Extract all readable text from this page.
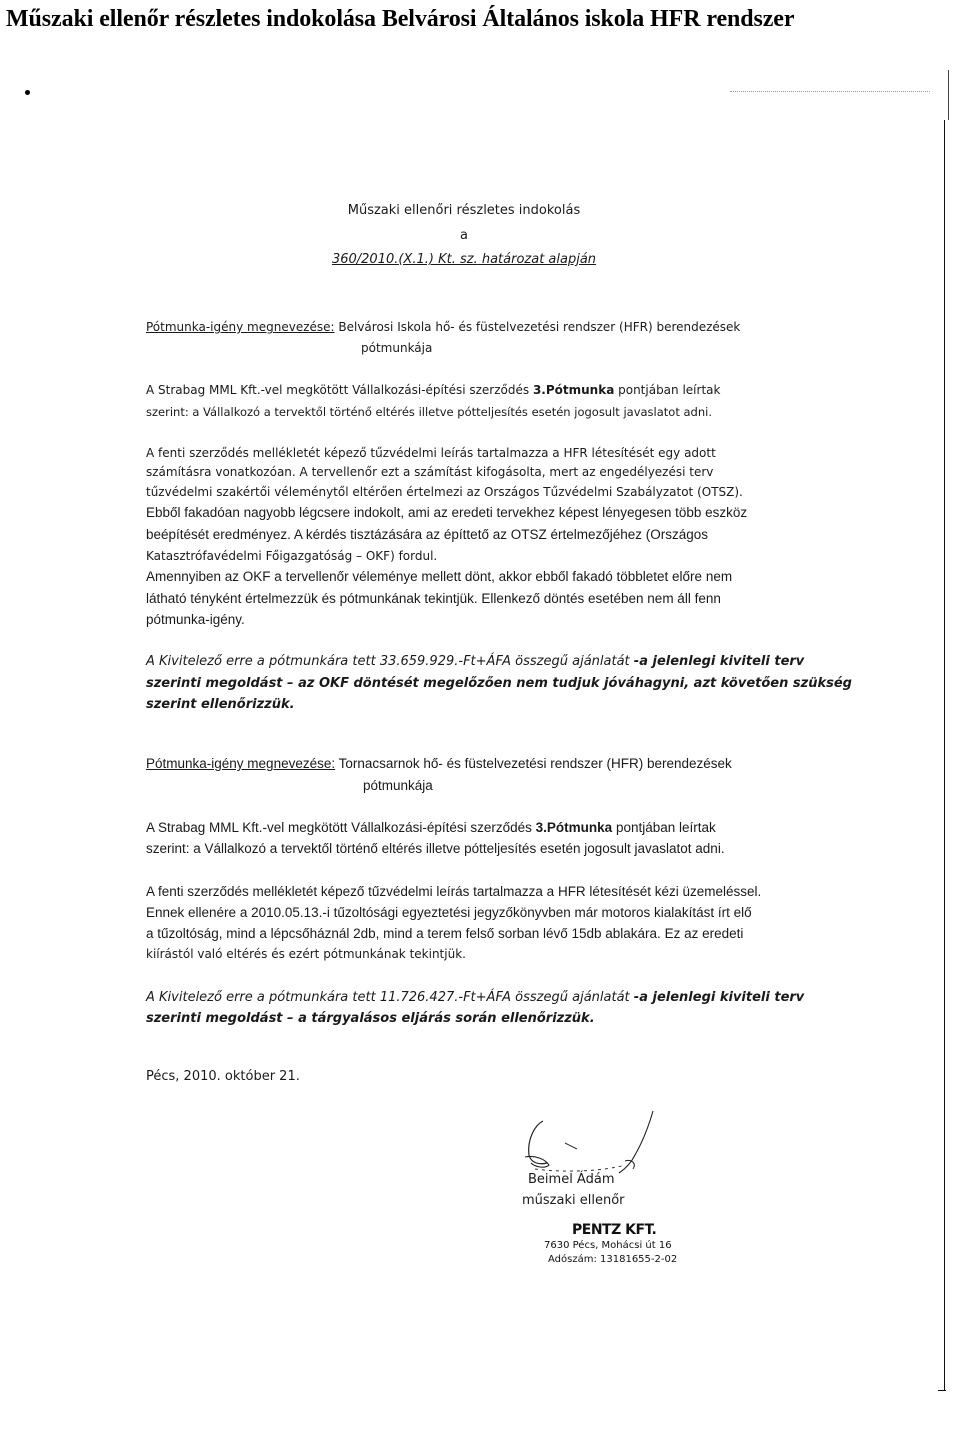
Műszaki ellenőr részletes indokolása Belvárosi Általános iskola HFR rendszer

Műszaki ellenőri részletes indokolás

a

360/2010.(X.1.) Kt. sz. határozat alapján

Pótmunka-igény megnevezése: Belvárosi Iskola hő- és füstelvezetési rendszer (HFR) berendezések

pótmunkája

A Strabag MML Kft.-vel megkötött Vállalkozási-építési szerződés 3.Pótmunka pontjában leírtak

szerint: a Vállalkozó a tervektől történő eltérés illetve pótteljesítés esetén jogosult javaslatot adni.

A fenti szerződés mellékletét képező tűzvédelmi leírás tartalmazza a HFR létesítését egy adott

számításra vonatkozóan. A tervellenőr ezt a számítást kifogásolta, mert az engedélyezési terv

tűzvédelmi szakértői véleménytől eltérően értelmezi az Országos Tűzvédelmi Szabályzatot (OTSZ).

Ebből fakadóan nagyobb légcsere indokolt, ami az eredeti tervekhez képest lényegesen több eszköz

beépítését eredményez. A kérdés tisztázására az építtető az OTSZ értelmezőjéhez (Országos

Katasztrófavédelmi Főigazgatóság – OKF) fordul.

Amennyiben az OKF a tervellenőr véleménye mellett dönt, akkor ebből fakadó többletet előre nem

látható tényként értelmezzük és pótmunkának tekintjük. Ellenkező döntés esetében nem áll fenn

pótmunka-igény.

A Kivitelező erre a pótmunkára tett 33.659.929.-Ft+ÁFA összegű ajánlatát -a jelenlegi kiviteli terv

szerinti megoldást – az OKF döntését megelőzően nem tudjuk jóváhagyni, azt követően szükség

szerint ellenőrizzük.

Pótmunka-igény megnevezése: Tornacsarnok hő- és füstelvezetési rendszer (HFR) berendezések

pótmunkája

A Strabag MML Kft.-vel megkötött Vállalkozási-építési szerződés 3.Pótmunka pontjában leírtak

szerint: a Vállalkozó a tervektől történő eltérés illetve pótteljesítés esetén jogosult javaslatot adni.

A fenti szerződés mellékletét képező tűzvédelmi leírás tartalmazza a HFR létesítését kézi üzemeléssel.

Ennek ellenére a 2010.05.13.-i tűzoltósági egyeztetési jegyzőkönyvben már motoros kialakítást írt elő

a tűzoltóság, mind a lépcsőháznál 2db, mind a terem felső sorban lévő 15db ablakára. Ez az eredeti

kiírástól való eltérés és ezért pótmunkának tekintjük.

A Kivitelező erre a pótmunkára tett 11.726.427.-Ft+ÁFA összegű ajánlatát -a jelenlegi kiviteli terv

szerinti megoldást – a tárgyalásos eljárás során ellenőrizzük.

Pécs, 2010. október 21.

Beimel Ádám

műszaki ellenőr

PENTZ KFT.

7630 Pécs, Mohácsi út 16

Adószám: 13181655-2-02
